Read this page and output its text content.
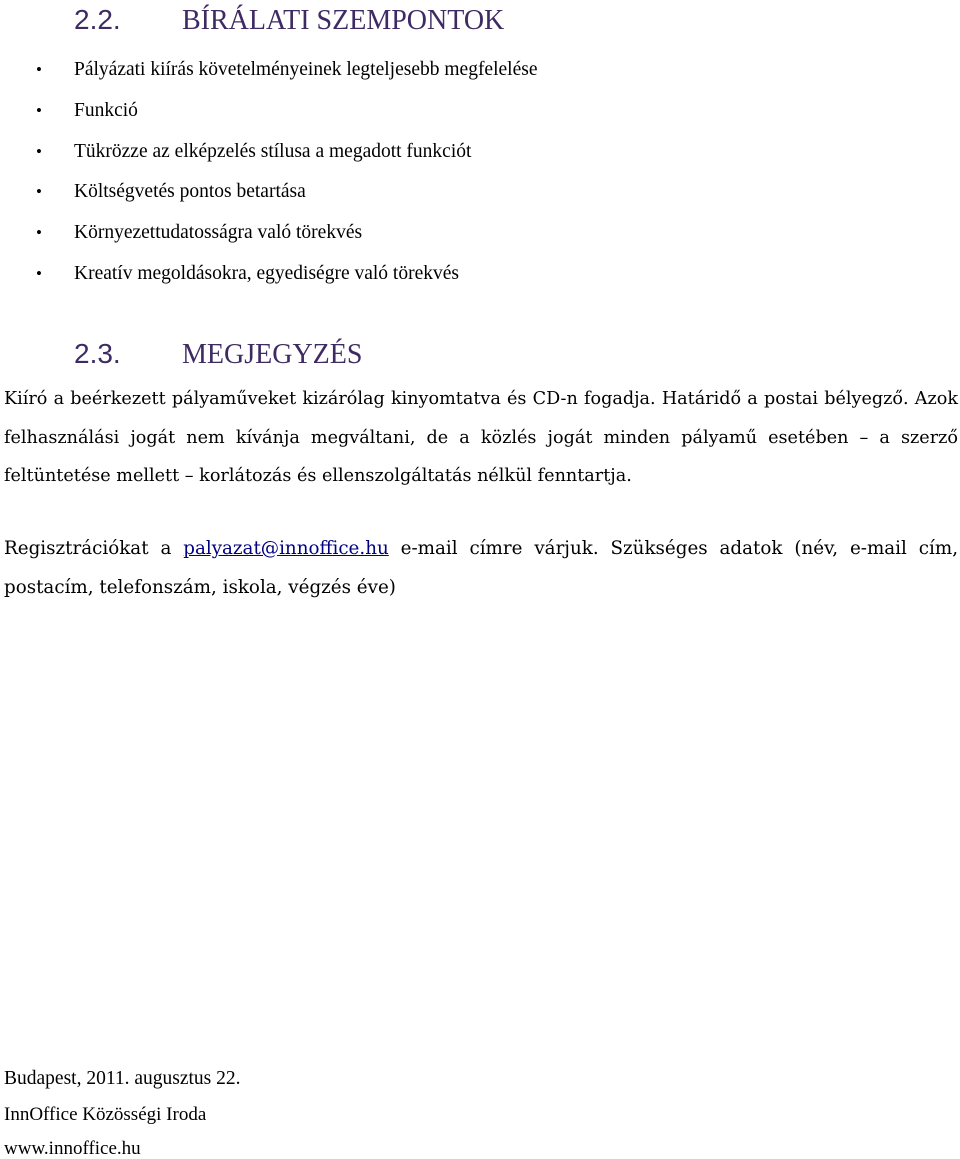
2.2. BÍRÁLATI SZEMPONTOK
• Pályázati kiírás követelményeinek legteljesebb megfelelése
• Funkció
• Tükrözze az elképzelés stílusa a megadott funkciót
• Költségvetés pontos betartása
• Környezettudatosságra való törekvés
• Kreatív megoldásokra, egyediségre való törekvés
2.3. MEGJEGYZÉS

Kiíró a beérkezett pályaműveket kizárólag kinyomtatva és CD-n fogadja. Határidő a postai bélyegző. Azok felhasználási jogát nem kívánja megváltani, de a közlés jogát minden pályamű esetében – a szerző feltüntetése mellett – korlátozás és ellenszolgáltatás nélkül fenntartja.

Regisztrációkat a palyazat@innoffice.hu e-mail címre várjuk. Szükséges adatok (név, e-mail cím, postacím, telefonszám, iskola, végzés éve)

Budapest, 2011. augusztus 22.

InnOffice Közösségi Iroda

www.innoffice.hu
